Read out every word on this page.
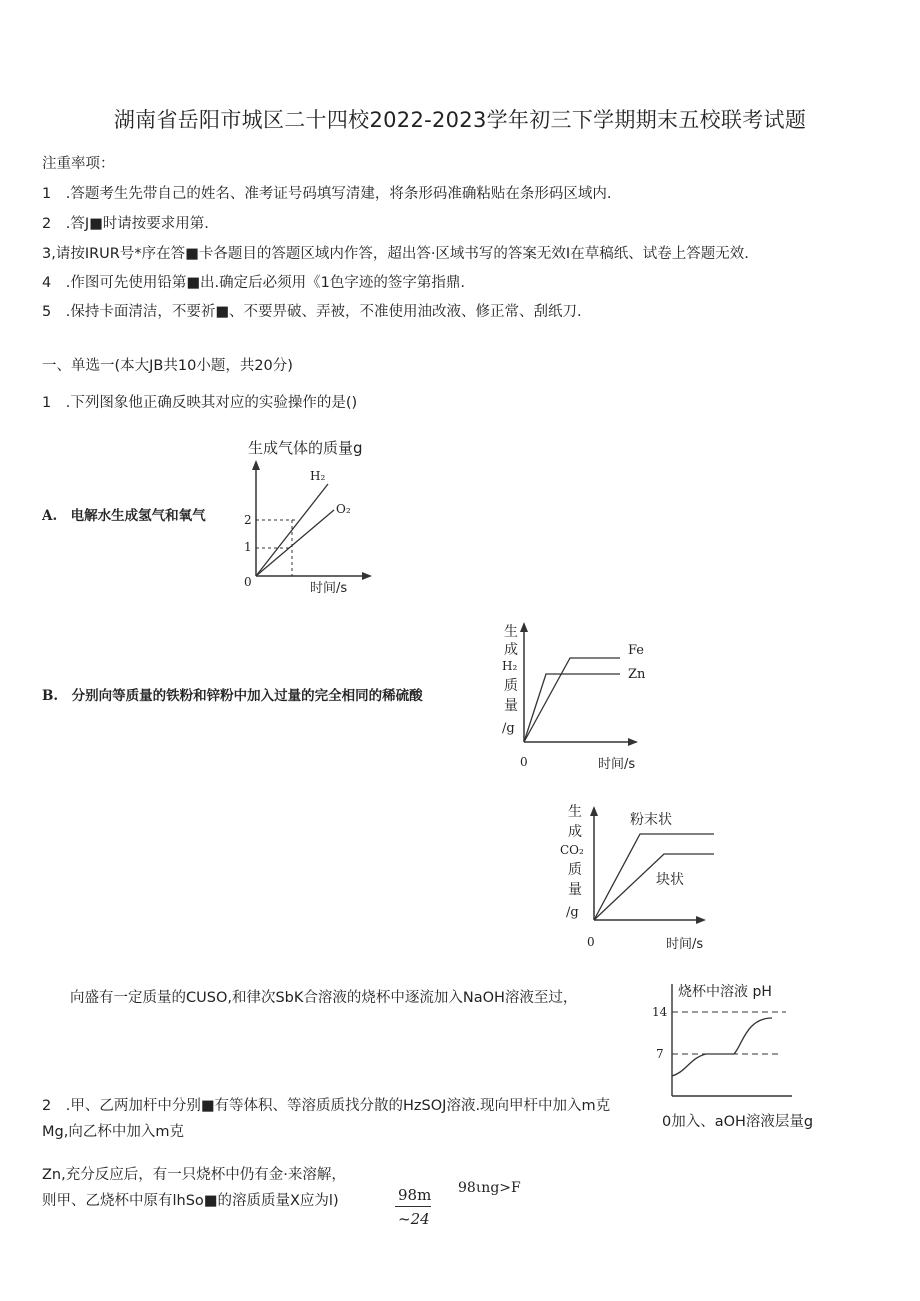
湖南省岳阳市城区二十四校2022-2023学年初三下学期期末五校联考试题
注重率项：
1　.答题考生先带自己的姓名、准考证号码填写清建，将条形码准确粘贴在条形码区域内.
2　.答J■时请按要求用第.
3,请按IRUR号*序在答■卡各题目的答题区域内作答，超出答·区域书写的答案无效I在草稿纸、试卷上答题无效.
4　.作图可先使用铅第■出.确定后必须用《1色字迹的签字第指鼎.
5　.保持卡面清洁，不要祈■、不要畀破、弄被，不准使用油改液、修正常、刮纸刀.
一、单选一(本大JB共10小题，共20分)
1　.下列图象他正确反映其对应的实验操作的是()
A.　电解水生成氢气和氧气
生成气体的质量g
2
1
0
H₂
O₂
时间/s
B.　分别向等质量的铁粉和锌粉中加入过量的完全相同的稀硫酸
生
成
H₂
质
量
/g
Fe
Zn
0	时间/s
生
成
CO₂
质
量
/g
粉末状
块状
0	时间/s
向盛有一定质量的CUSO,和律次SbK合溶液的烧杯中逐流加入NaOH溶液至过，	烧杯中溶液 pH
14
7
0加入、aOH溶液层量g
2　.甲、乙两加杆中分别■有等体积、等溶质质找分散的HzSOJ溶液.现向甲杆中加入m克
Mg,向乙杯中加入m克
Zn,充分反应后，有一只烧杯中仍有金·来溶解，
则甲、乙烧杯中原有lhSo■的溶质质量X应为l)	98m
~24
98ιng>F
